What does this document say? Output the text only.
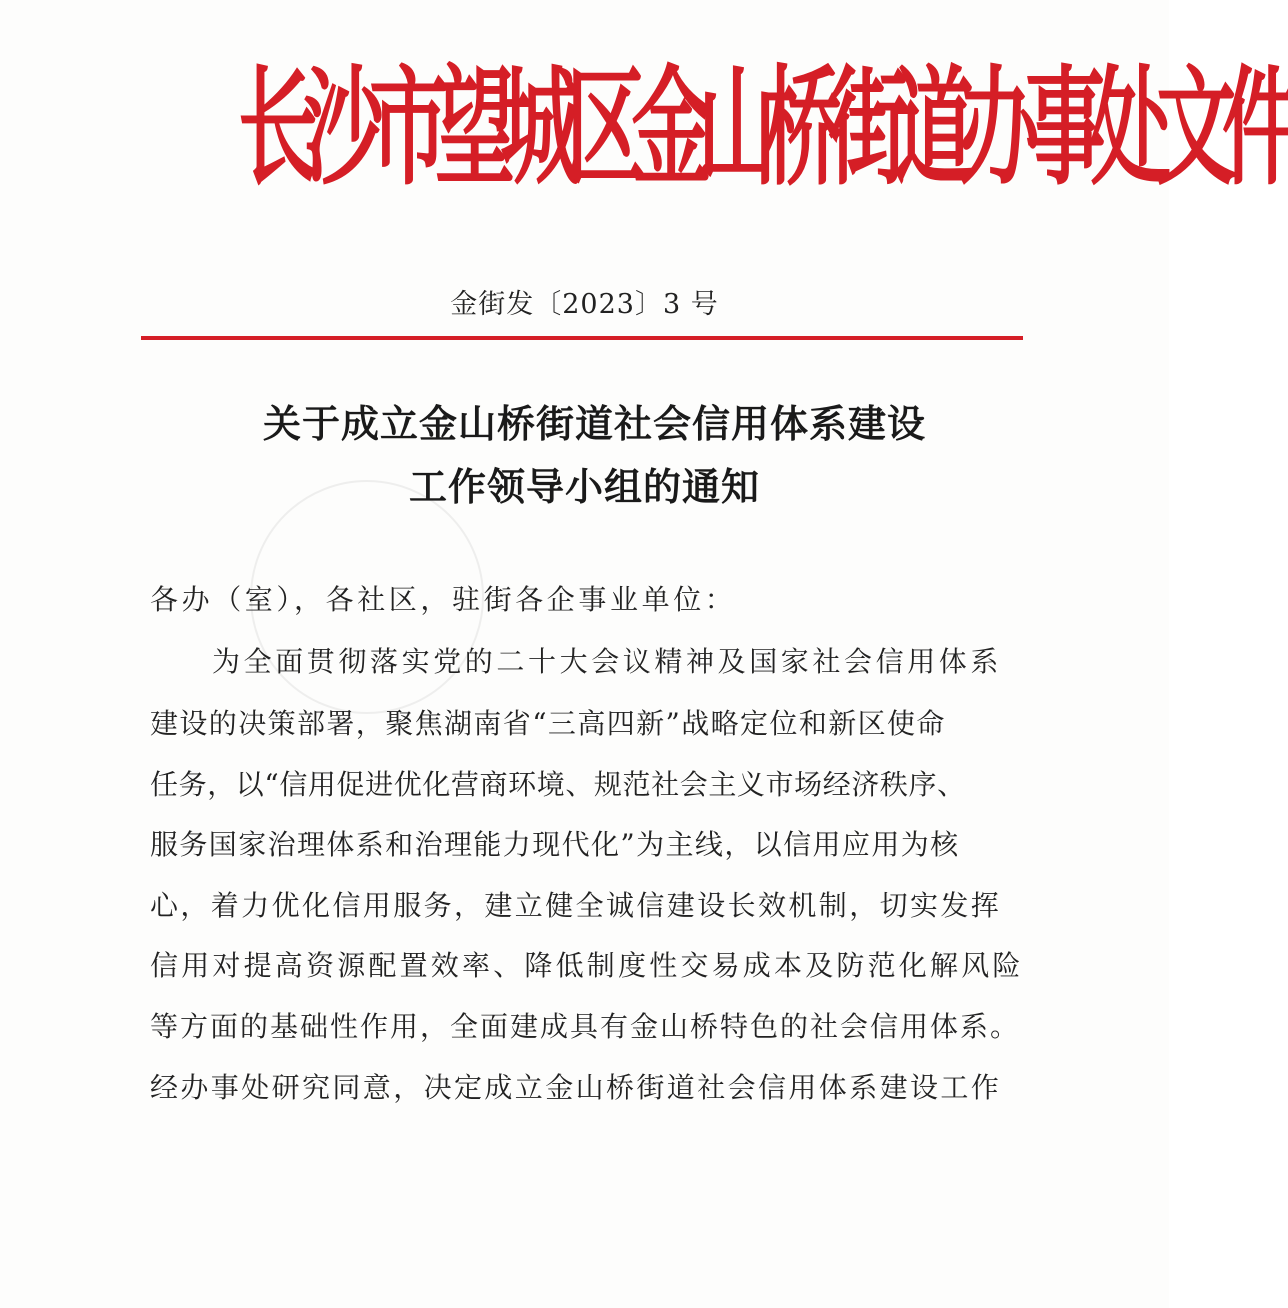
长沙市望城区金山桥街道办事处文件
金街发〔2023〕3 号
关于成立金山桥街道社会信用体系建设
工作领导小组的通知
各办（室），各社区，驻街各企事业单位：
为全面贯彻落实党的二十大会议精神及国家社会信用体系
建设的决策部署，聚焦湖南省“三高四新”战略定位和新区使命
任务，以“信用促进优化营商环境、规范社会主义市场经济秩序、
服务国家治理体系和治理能力现代化”为主线，以信用应用为核
心，着力优化信用服务，建立健全诚信建设长效机制，切实发挥
信用对提高资源配置效率、降低制度性交易成本及防范化解风险
等方面的基础性作用，全面建成具有金山桥特色的社会信用体系。
经办事处研究同意，决定成立金山桥街道社会信用体系建设工作
